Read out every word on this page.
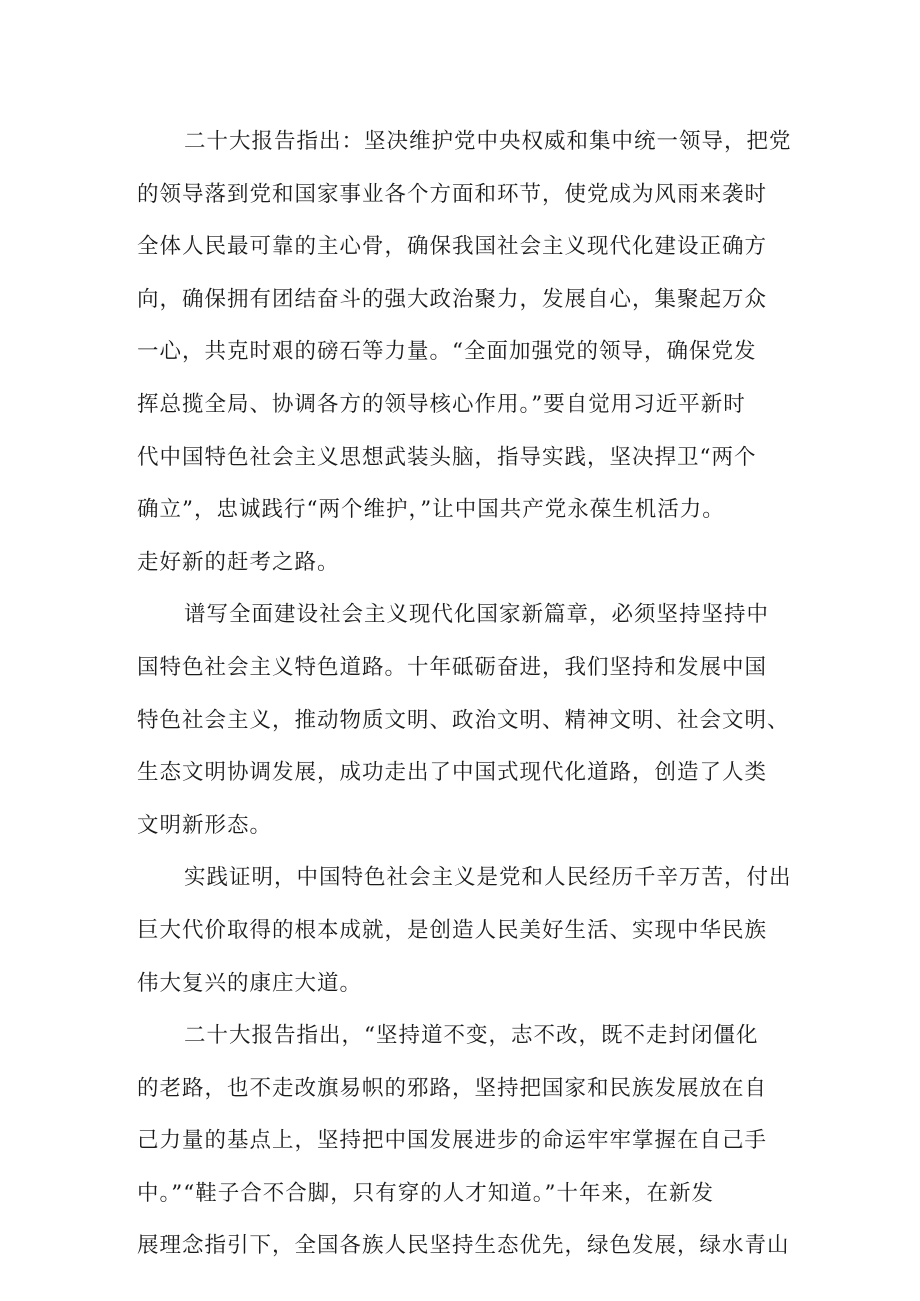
二十大报告指出：坚决维护党中央权威和集中统一领导，把党
的领导落到党和国家事业各个方面和环节，使党成为风雨来袭时
全体人民最可靠的主心骨，确保我国社会主义现代化建设正确方
向，确保拥有团结奋斗的强大政治聚力，发展自心，集聚起万众
一心，共克时艰的磅石等力量。“全面加强党的领导，确保党发
挥总揽全局、协调各方的领导核心作用。”要自觉用习近平新时
代中国特色社会主义思想武装头脑，指导实践，坚决捍卫“两个
确立”，忠诚践行“两个维护，”让中国共产党永葆生机活力。
走好新的赶考之路。
谱写全面建设社会主义现代化国家新篇章，必须坚持坚持中
国特色社会主义特色道路。十年砥砺奋进，我们坚持和发展中国
特色社会主义，推动物质文明、政治文明、精神文明、社会文明、
生态文明协调发展，成功走出了中国式现代化道路，创造了人类
文明新形态。
实践证明，中国特色社会主义是党和人民经历千辛万苦，付出
巨大代价取得的根本成就，是创造人民美好生活、实现中华民族
伟大复兴的康庄大道。
二十大报告指出，“坚持道不变，志不改，既不走封闭僵化
的老路，也不走改旗易帜的邪路，坚持把国家和民族发展放在自
己力量的基点上，坚持把中国发展进步的命运牢牢掌握在自己手
中。”“鞋子合不合脚，只有穿的人才知道。”十年来，在新发
展理念指引下，全国各族人民坚持生态优先，绿色发展，绿水青山
